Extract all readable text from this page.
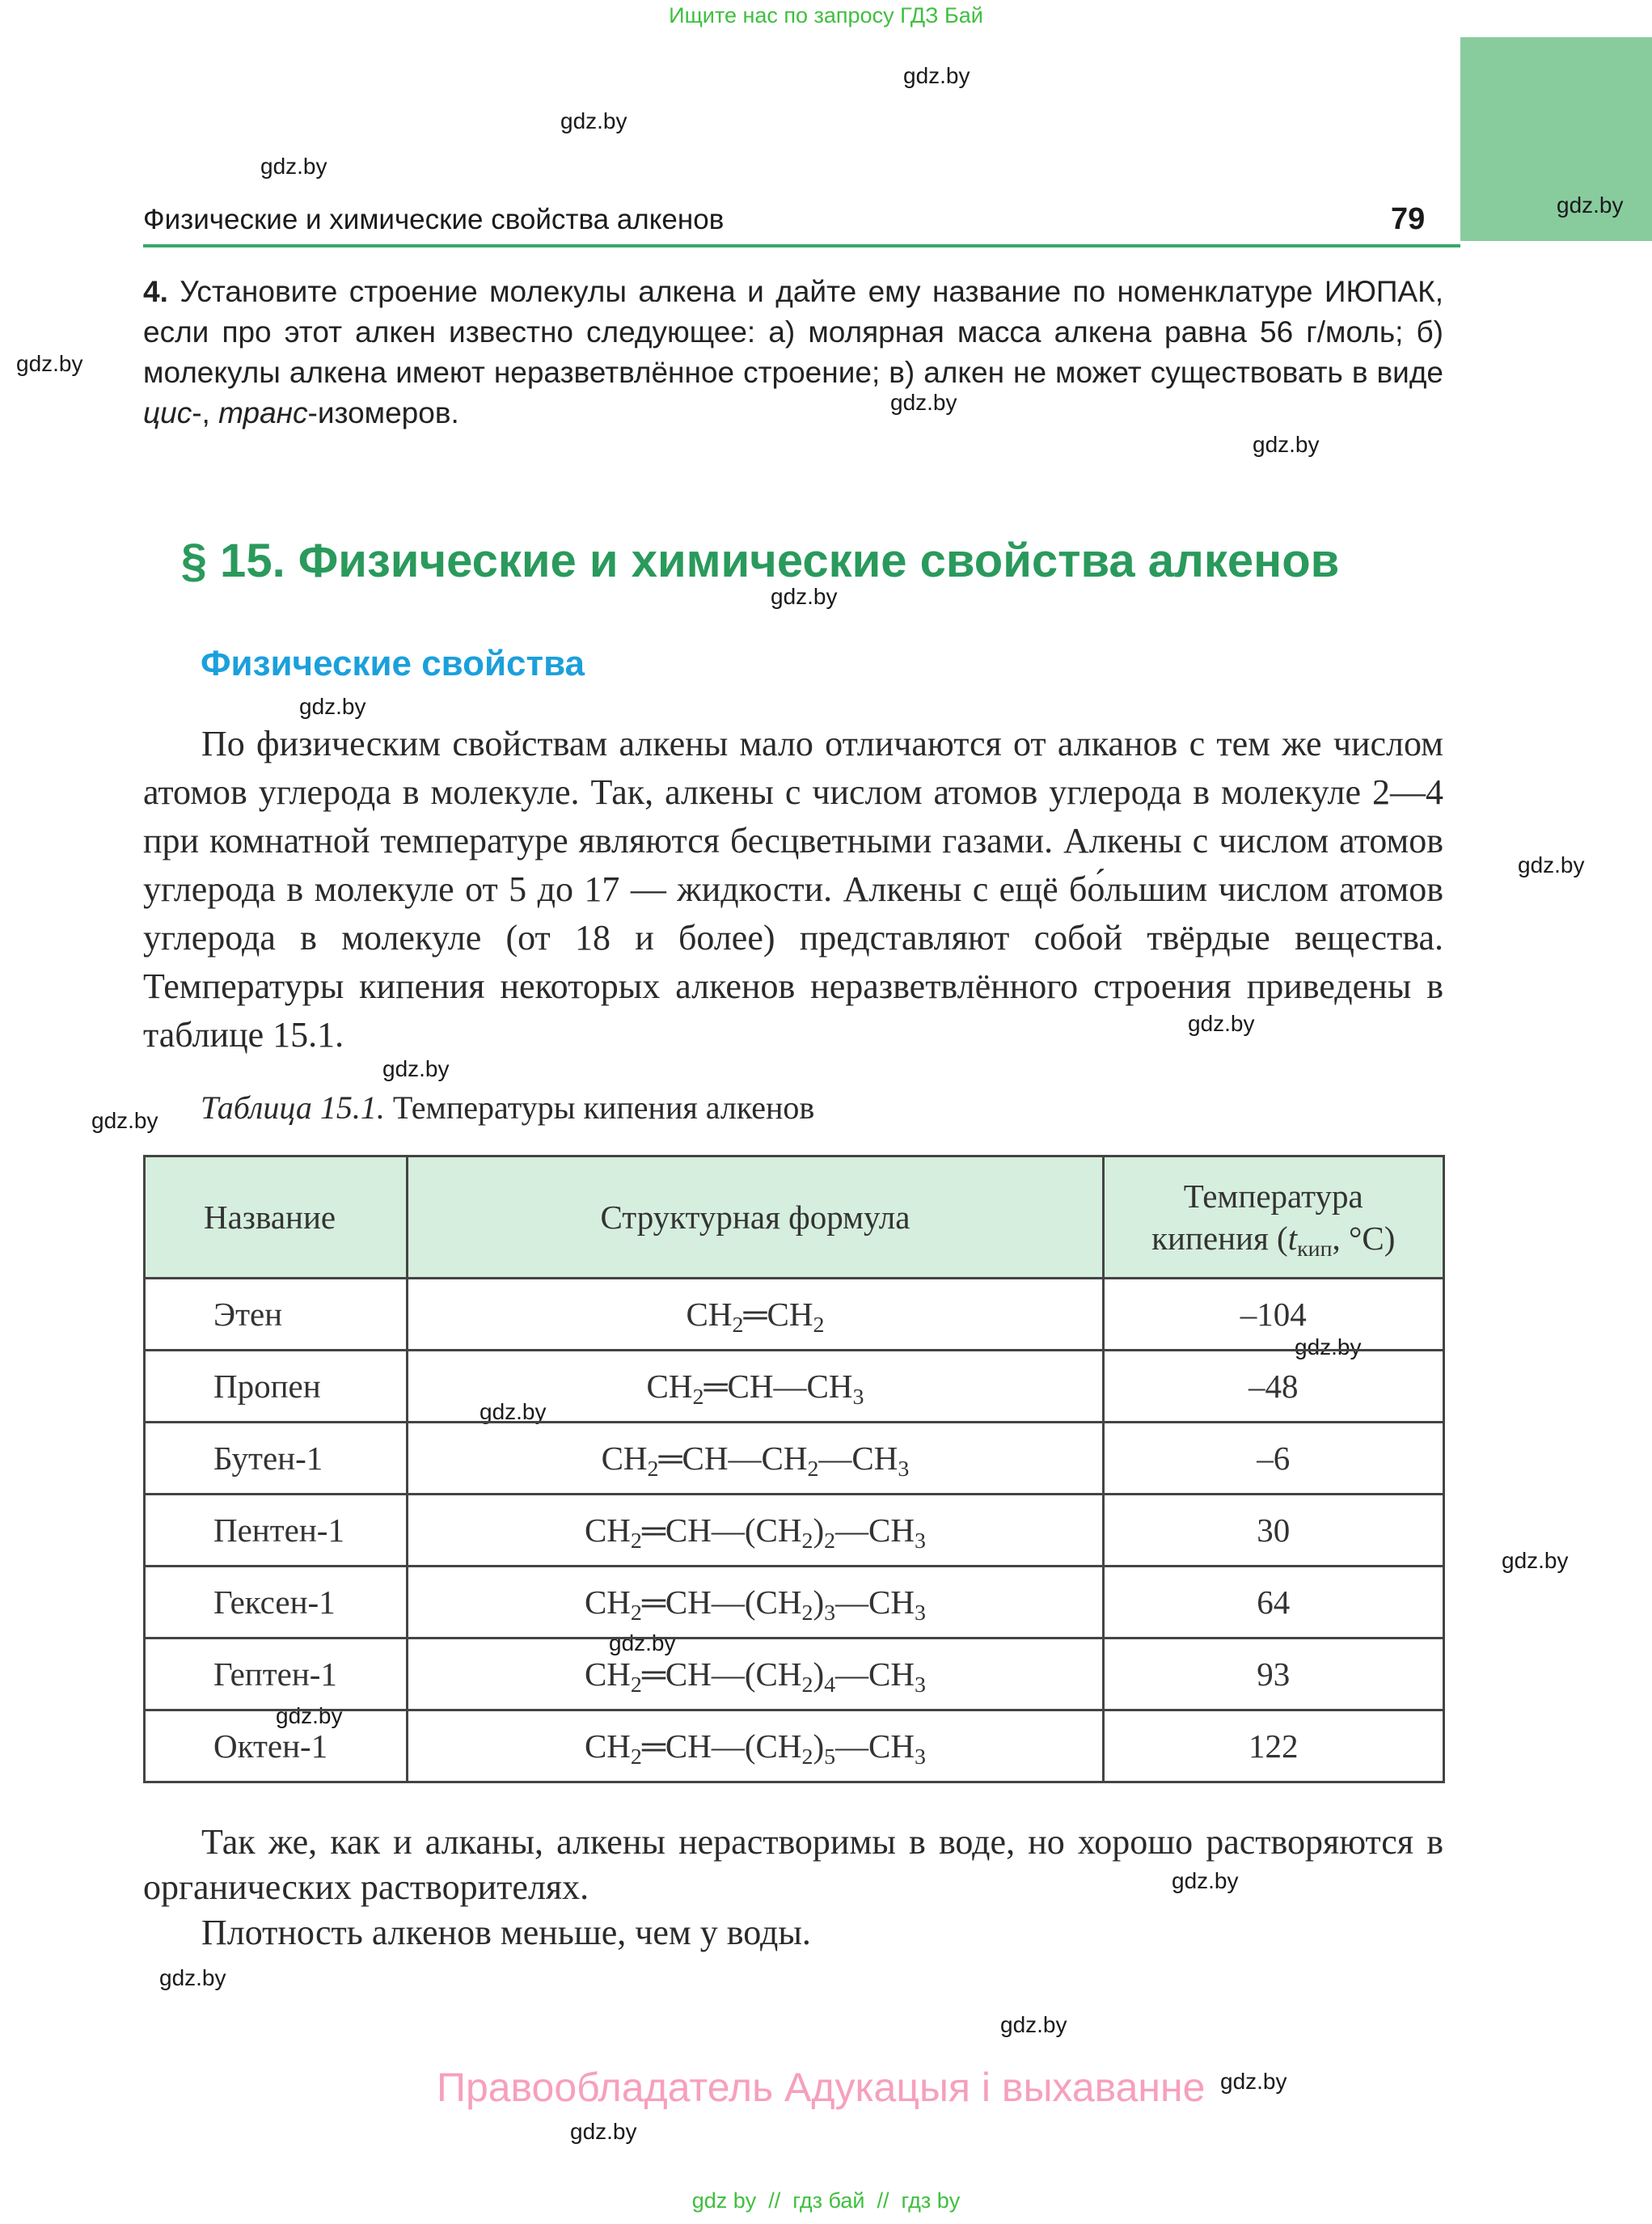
Ищите нас по запросу ГДЗ Бай
gdz.by
gdz.by
gdz.by
gdz.by
gdz.by
gdz.by
gdz.by
gdz.by
gdz.by
gdz.by
gdz.by
gdz.by
gdz.by
gdz.by
gdz.by
gdz.by
gdz.by
gdz.by
gdz.by
gdz.by
gdz.by
gdz.by
gdz.by
Физические и химические свойства алкенов	79
4. Установите строение молекулы алкена и дайте ему название по номенклатуре ИЮПАК, если про этот алкен известно следующее: а) молярная масса алкена равна 56 г/моль; б) молекулы алкена имеют неразветвлённое строение; в) алкен не может существовать в виде цис-, транс-изомеров.
§ 15. Физические и химические свойства алкенов
Физические свойства
По физическим свойствам алкены мало отличаются от алканов с тем же числом атомов углерода в молекуле. Так, алкены с числом атомов углерода в молекуле 2—4 при комнатной температуре являются бесцветными газами. Алкены с числом атомов углерода в молекуле от 5 до 17 — жидкости. Алкены с ещё бо́льшим числом атомов углерода в молекуле (от 18 и более) представляют собой твёрдые вещества. Температуры кипения некоторых алкенов неразветвлённого строения приведены в таблице 15.1.
Таблица 15.1. Температуры кипения алкенов
Название	Структурная формула	Температура
кипения ($t_{кип}$, °C)
Этен	$CH_2═CH_2$	–104
Пропен	$CH_2═CH—CH_3$	–48
Бутен-1	$CH_2═CH—CH_2—CH_3$	–6
Пентен-1	$CH_2═CH—(CH_2)_2—CH_3$	30
Гексен-1	$CH_2═CH—(CH_2)_3—CH_3$	64
Гептен-1	$CH_2═CH—(CH_2)_4—CH_3$	93
Октен-1	$CH_2═CH—(CH_2)_5—CH_3$	122
Так же, как и алканы, алкены нерастворимы в воде, но хорошо растворяются в органических растворителях.
Плотность алкенов меньше, чем у воды.
Правообладатель Адукацыя і выхаванне
gdz by  //  гдз бай  //  гдз by
